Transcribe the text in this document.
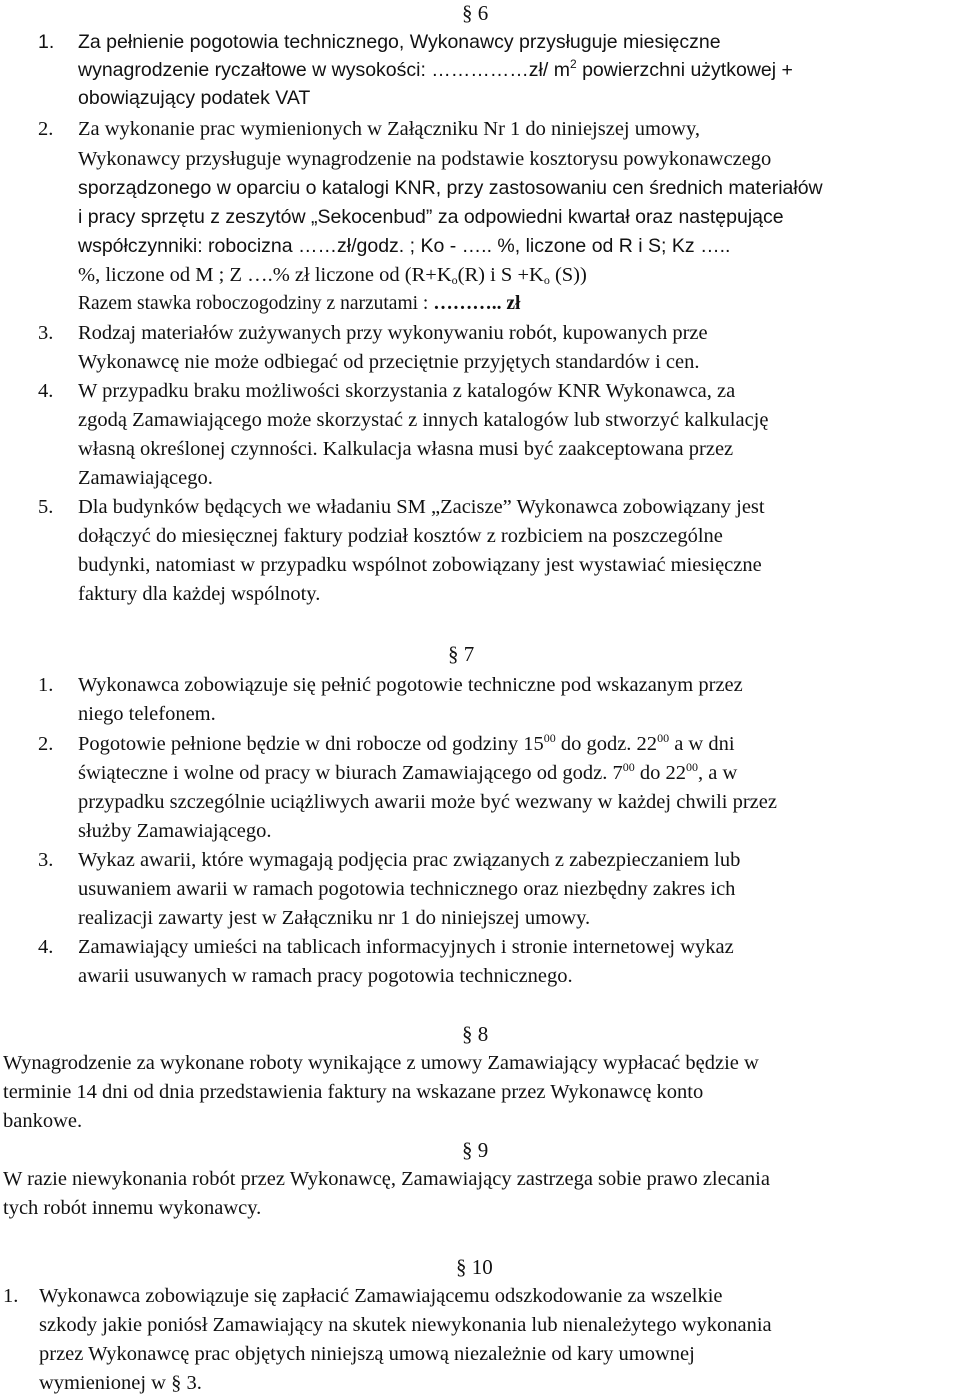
§ 6
1. Za pełnienie pogotowia technicznego, Wykonawcy przysługuje miesięczne
wynagrodzenie ryczałtowe w wysokości: ……………zł/ $m^2$ powierzchni użytkowej +
obowiązujący podatek VAT
2. Za wykonanie prac wymienionych w Załączniku Nr 1 do niniejszej umowy,
Wykonawcy przysługuje wynagrodzenie na podstawie kosztorysu powykonawczego
sporządzonego w oparciu o katalogi KNR, przy zastosowaniu cen średnich materiałów
i pracy sprzętu z zeszytów „Sekocenbud” za odpowiedni kwartał oraz następujące
współczynniki: robocizna ……zł/godz. ; Ko - ….. %, liczone od R i S; Kz …..
%, liczone od M ; Z ….% zł liczone od ($R+K_o(R)$ i $S +K_o$ (S))
Razem stawka roboczogodziny z narzutami : ……….. zł
3. Rodzaj materiałów zużywanych przy wykonywaniu robót, kupowanych prze
Wykonawcę nie może odbiegać od przeciętnie przyjętych standardów i cen.
4. W przypadku braku możliwości skorzystania z katalogów KNR Wykonawca, za
zgodą Zamawiającego może skorzystać z innych katalogów lub stworzyć kalkulację
własną określonej czynności. Kalkulacja własna musi być zaakceptowana przez
Zamawiającego.
5. Dla budynków będących we władaniu SM „Zacisze” Wykonawca zobowiązany jest
dołączyć do miesięcznej faktury podział kosztów z rozbiciem na poszczególne
budynki, natomiast w przypadku wspólnot zobowiązany jest wystawiać miesięczne
faktury dla każdej wspólnoty.
§ 7
1. Wykonawca zobowiązuje się pełnić pogotowie techniczne pod wskazanym przez
niego telefonem.
2. Pogotowie pełnione będzie w dni robocze od godziny $15^{00}$ do godz. $22^{00}$ a w dni
świąteczne i wolne od pracy w biurach Zamawiającego od godz. $7^{00}$ do $22^{00}$, a w
przypadku szczególnie uciążliwych awarii może być wezwany w każdej chwili przez
służby Zamawiającego.
3. Wykaz awarii, które wymagają podjęcia prac związanych z zabezpieczaniem lub
usuwaniem awarii w ramach pogotowia technicznego oraz niezbędny zakres ich
realizacji zawarty jest w Załączniku nr 1 do niniejszej umowy.
4. Zamawiający umieści na tablicach informacyjnych i stronie internetowej wykaz
awarii usuwanych w ramach pracy pogotowia technicznego.
§ 8
Wynagrodzenie za wykonane roboty wynikające z umowy Zamawiający wypłacać będzie w
terminie 14 dni od dnia przedstawienia faktury na wskazane przez Wykonawcę konto
bankowe.
§ 9
W razie niewykonania robót przez Wykonawcę, Zamawiający zastrzega sobie prawo zlecania
tych robót innemu wykonawcy.
§ 10
1. Wykonawca zobowiązuje się zapłacić Zamawiającemu odszkodowanie za wszelkie
szkody jakie poniósł Zamawiający na skutek niewykonania lub nienależytego wykonania
przez Wykonawcę prac objętych niniejszą umową niezależnie od kary umownej
wymienionej w § 3.
